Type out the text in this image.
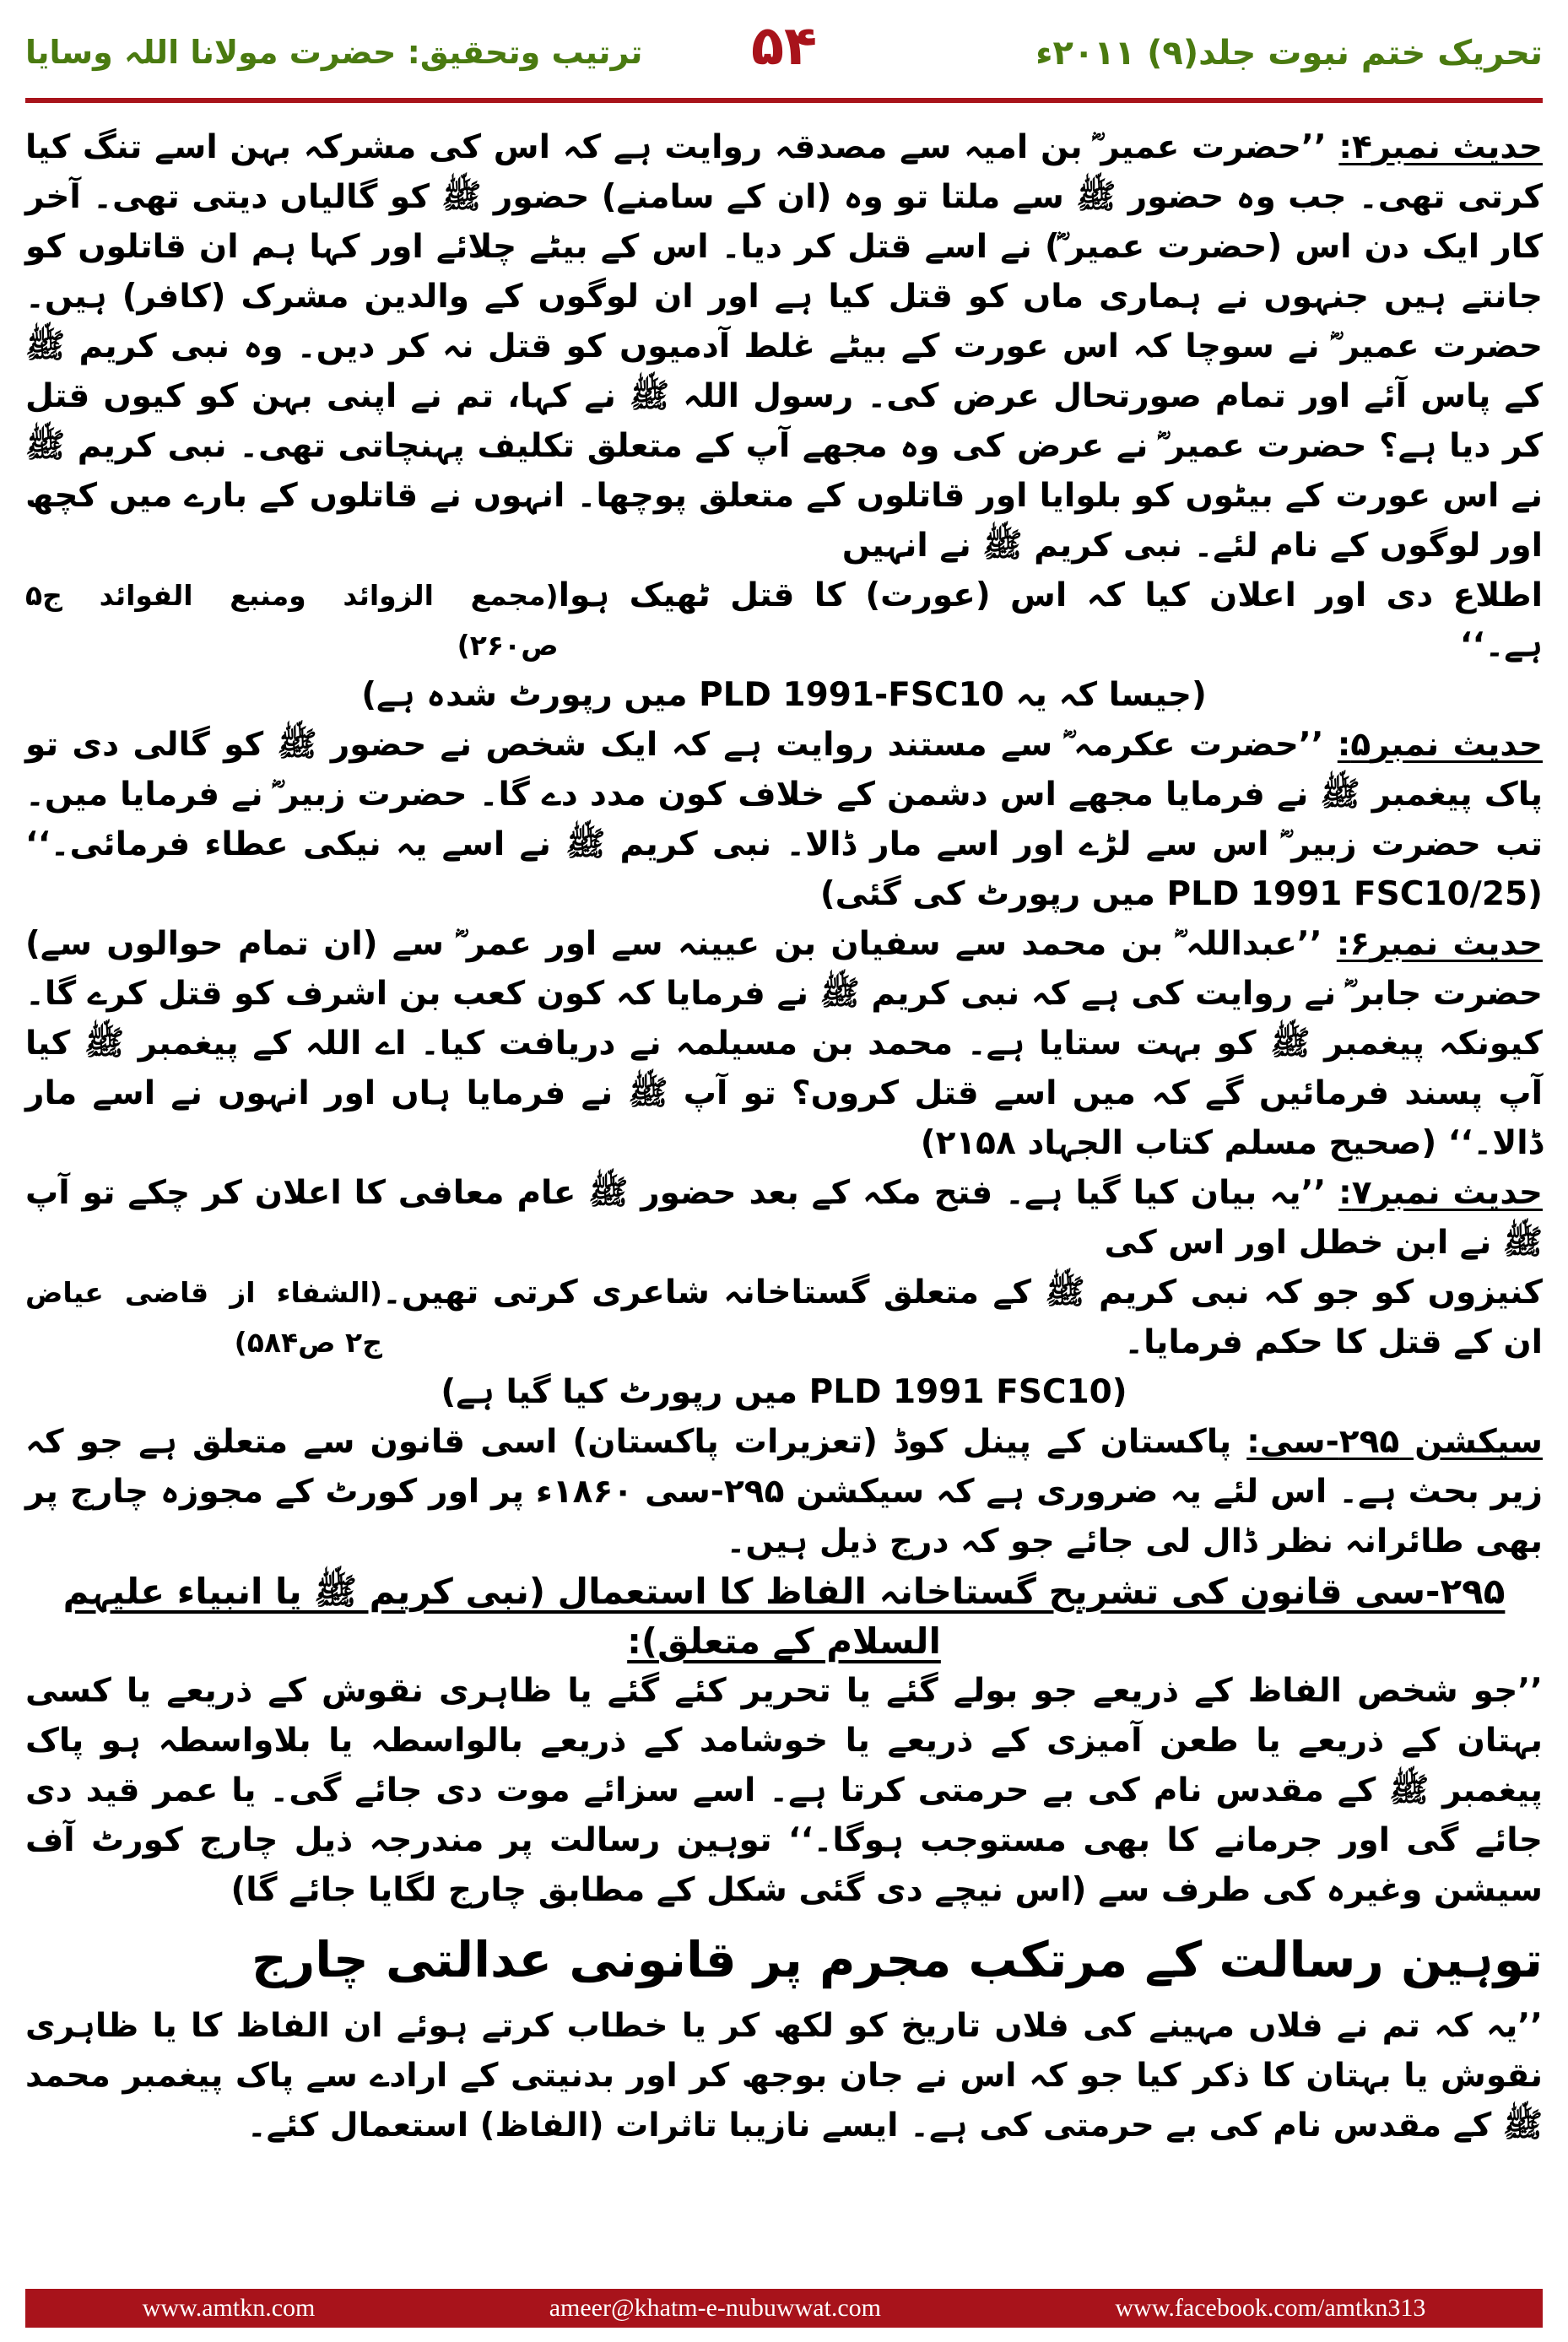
تحریک ختم نبوت جلد(۹) ۲۰۱۱ء
۵۴
ترتیب وتحقیق: حضرت مولانا اللہ وسایا

حدیث نمبر۴: ’’حضرت عمیر ؓ بن امیہ سے مصدقہ روایت ہے کہ اس کی مشرکہ بہن اسے تنگ کیا کرتی تھی۔ جب وہ حضور ﷺ سے ملتا تو وہ (ان کے سامنے) حضور ﷺ کو گالیاں دیتی تھی۔ آخر کار ایک دن اس (حضرت عمیر ؓ) نے اسے قتل کر دیا۔ اس کے بیٹے چلائے اور کہا ہم ان قاتلوں کو جانتے ہیں جنہوں نے ہماری ماں کو قتل کیا ہے اور ان لوگوں کے والدین مشرک (کافر) ہیں۔ حضرت عمیر ؓ نے سوچا کہ اس عورت کے بیٹے غلط آدمیوں کو قتل نہ کر دیں۔ وہ نبی کریم ﷺ کے پاس آئے اور تمام صورتحال عرض کی۔ رسول اللہ ﷺ نے کہا، تم نے اپنی بہن کو کیوں قتل کر دیا ہے؟ حضرت عمیر ؓ نے عرض کی وہ مجھے آپ کے متعلق تکلیف پہنچاتی تھی۔ نبی کریم ﷺ نے اس عورت کے بیٹوں کو بلوایا اور قاتلوں کے متعلق پوچھا۔ انہوں نے قاتلوں کے بارے میں کچھ اور لوگوں کے نام لئے۔ نبی کریم ﷺ نے انہیں

اطلاع دی اور اعلان کیا کہ اس (عورت) کا قتل ٹھیک ہوا ہے۔‘‘
(مجمع الزوائد ومنبع الفوائد ج۵ ص۲۶۰)
(جیسا کہ یہ PLD 1991-FSC10 میں رپورٹ شدہ ہے)

حدیث نمبر۵: ’’حضرت عکرمہ ؓ سے مستند روایت ہے کہ ایک شخص نے حضور ﷺ کو گالی دی تو پاک پیغمبر ﷺ نے فرمایا مجھے اس دشمن کے خلاف کون مدد دے گا۔ حضرت زبیر ؓ نے فرمایا میں۔ تب حضرت زبیر ؓ اس سے لڑے اور اسے مار ڈالا۔ نبی کریم ﷺ نے اسے یہ نیکی عطاء فرمائی۔‘‘ (PLD 1991 FSC10/25 میں رپورٹ کی گئی)

حدیث نمبر۶: ’’عبداللہ ؓ بن محمد سے سفیان بن عیینہ سے اور عمر ؓ سے (ان تمام حوالوں سے) حضرت جابر ؓ نے روایت کی ہے کہ نبی کریم ﷺ نے فرمایا کہ کون کعب بن اشرف کو قتل کرے گا۔ کیونکہ پیغمبر ﷺ کو بہت ستایا ہے۔ محمد بن مسیلمہ نے دریافت کیا۔ اے اللہ کے پیغمبر ﷺ کیا آپ پسند فرمائیں گے کہ میں اسے قتل کروں؟ تو آپ ﷺ نے فرمایا ہاں اور انہوں نے اسے مار ڈالا۔‘‘ (صحیح مسلم کتاب الجہاد ۲۱۵۸)

حدیث نمبر۷: ’’یہ بیان کیا گیا ہے۔ فتح مکہ کے بعد حضور ﷺ عام معافی کا اعلان کر چکے تو آپ ﷺ نے ابن خطل اور اس کی

کنیزوں کو جو کہ نبی کریم ﷺ کے متعلق گستاخانہ شاعری کرتی تھیں۔ ان کے قتل کا حکم فرمایا۔
(الشفاء از قاضی عیاض ج۲ ص۵۸۴)
(PLD 1991 FSC10 میں رپورٹ کیا گیا ہے)

سیکشن ۲۹۵-سی: پاکستان کے پینل کوڈ (تعزیرات پاکستان) اسی قانون سے متعلق ہے جو کہ زیر بحث ہے۔ اس لئے یہ ضروری ہے کہ سیکشن ۲۹۵-سی ۱۸۶۰ء پر اور کورٹ کے مجوزہ چارج پر بھی طائرانہ نظر ڈال لی جائے جو کہ درج ذیل ہیں۔

۲۹۵-سی قانون کی تشریح گستاخانہ الفاظ کا استعمال (نبی کریم ﷺ یا انبیاء علیہم السلام کے متعلق):

’’جو شخص الفاظ کے ذریعے جو بولے گئے یا تحریر کئے گئے یا ظاہری نقوش کے ذریعے یا کسی بہتان کے ذریعے یا طعن آمیزی کے ذریعے یا خوشامد کے ذریعے بالواسطہ یا بلاواسطہ ہو پاک پیغمبر ﷺ کے مقدس نام کی بے حرمتی کرتا ہے۔ اسے سزائے موت دی جائے گی۔ یا عمر قید دی جائے گی اور جرمانے کا بھی مستوجب ہوگا۔‘‘ توہین رسالت پر مندرجہ ذیل چارج کورٹ آف سیشن وغیرہ کی طرف سے (اس نیچے دی گئی شکل کے مطابق چارج لگایا جائے گا)

توہین رسالت کے مرتکب مجرم پر قانونی عدالتی چارج

’’یہ کہ تم نے فلاں مہینے کی فلاں تاریخ کو لکھ کر یا خطاب کرتے ہوئے ان الفاظ کا یا ظاہری نقوش یا بہتان کا ذکر کیا جو کہ اس نے جان بوجھ کر اور بدنیتی کے ارادے سے پاک پیغمبر محمد ﷺ کے مقدس نام کی بے حرمتی کی ہے۔ ایسے نازیبا تاثرات (الفاظ) استعمال کئے۔

www.amtkn.com	ameer@khatm-e-nubuwwat.com	www.facebook.com/amtkn313
